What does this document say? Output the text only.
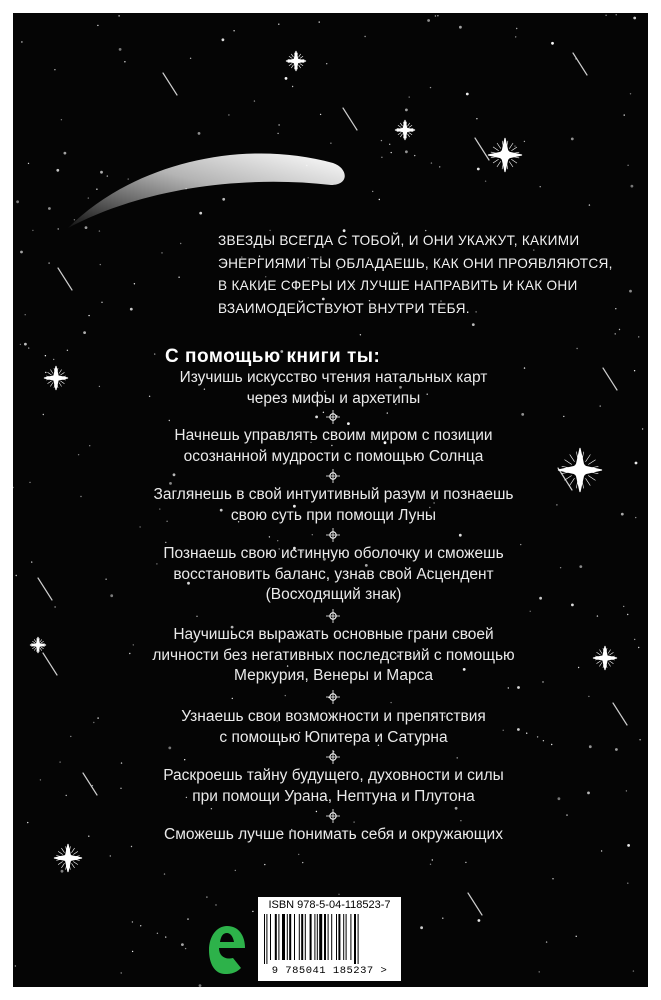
ЗВЕЗДЫ ВСЕГДА С ТОБОЙ, И ОНИ УКАЖУТ, КАКИМИ
ЭНЕРГИЯМИ ТЫ ОБЛАДАЕШЬ, КАК ОНИ ПРОЯВЛЯЮТСЯ,
В КАКИЕ СФЕРЫ ИХ ЛУЧШЕ НАПРАВИТЬ И КАК ОНИ
ВЗАИМОДЕЙСТВУЮТ ВНУТРИ ТЕБЯ.
С помощью книги ты:
Изучишь искусство чтения натальных карт
через мифы и архетипы
Начнешь управлять своим миром с позиции
осознанной мудрости с помощью Солнца
Заглянешь в свой интуитивный разум и познаешь
свою суть при помощи Луны
Познаешь свою истинную оболочку и сможешь
восстановить баланс, узнав свой Асцендент
(Восходящий знак)
Научишься выражать основные грани своей
личности без негативных последствий с помощью
Меркурия, Венеры и Марса
Узнаешь свои возможности и препятствия
с помощью Юпитера и Сатурна
Раскроешь тайну будущего, духовности и силы
при помощи Урана, Нептуна и Плутона
Сможешь лучше понимать себя и окружающих
ISBN 978-5-04-118523-7
9 785041 185237 >
